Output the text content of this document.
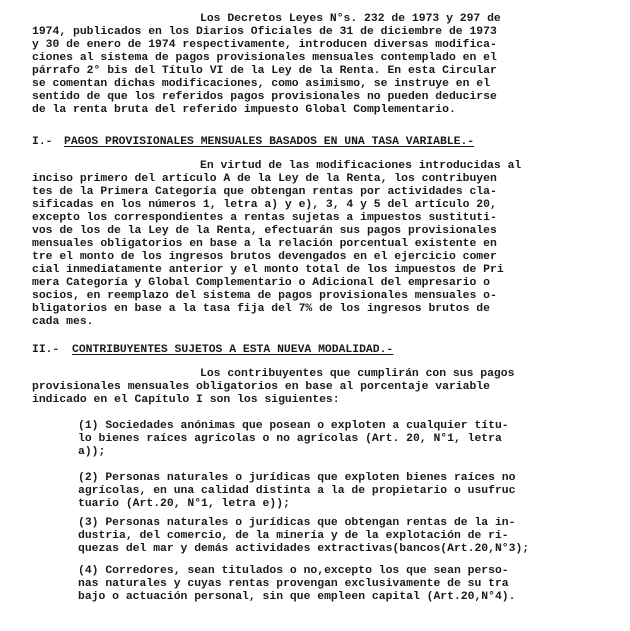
Los Decretos Leyes N°s. 232 de 1973 y 297 de
1974, publicados en los Diarios Oficiales de 31 de diciembre de 1973
y 30 de enero de 1974 respectivamente, introducen diversas modifica-
ciones al sistema de pagos provisionales mensuales contemplado en el
párrafo 2° bis del Título VI de la Ley de la Renta. En esta Circular
se comentan dichas modificaciones, como asimismo, se instruye en el
sentido de que los referidos pagos provisionales no pueden deducirse
de la renta bruta del referido impuesto Global Complementario.
I.- PAGOS PROVISIONALES MENSUALES BASADOS EN UNA TASA VARIABLE.-
En virtud de las modificaciones introducidas al
inciso primero del artículo A de la Ley de la Renta, los contribuyen
tes de la Primera Categoría que obtengan rentas por actividades cla-
sificadas en los números 1, letra a) y e), 3, 4 y 5 del artículo 20,
excepto los correspondientes a rentas sujetas a impuestos sustituti-
vos de los de la Ley de la Renta, efectuarán sus pagos provisionales
mensuales obligatorios en base a la relación porcentual existente en
tre el monto de los ingresos brutos devengados en el ejercicio comer
cial inmediatamente anterior y el monto total de los impuestos de Pri
mera Categoría y Global Complementario o Adicional del empresario o
socios, en reemplazo del sistema de pagos provisionales mensuales o-
bligatorios en base a la tasa fija del 7% de los ingresos brutos de
cada mes.
II.- CONTRIBUYENTES SUJETOS A ESTA NUEVA MODALIDAD.-
Los contribuyentes que cumplirán con sus pagos
provisionales mensuales obligatorios en base al porcentaje variable
indicado en el Capítulo I son los siguientes:
(1) Sociedades anónimas que posean o exploten a cualquier títu-
lo bienes raíces agrícolas o no agrícolas (Art. 20, N°1, letra
a));
(2) Personas naturales o jurídicas que exploten bienes raíces no
agrícolas, en una calidad distinta a la de propietario o usufruc
tuario (Art.20, N°1, letra e));
(3) Personas naturales o jurídicas que obtengan rentas de la in-
dustria, del comercio, de la minería y de la explotación de ri-
quezas del mar y demás actividades extractivas(bancos(Art.20,N°3);
(4) Corredores, sean titulados o no,excepto los que sean perso-
nas naturales y cuyas rentas provengan exclusivamente de su tra
bajo o actuación personal, sin que empleen capital (Art.20,N°4).
